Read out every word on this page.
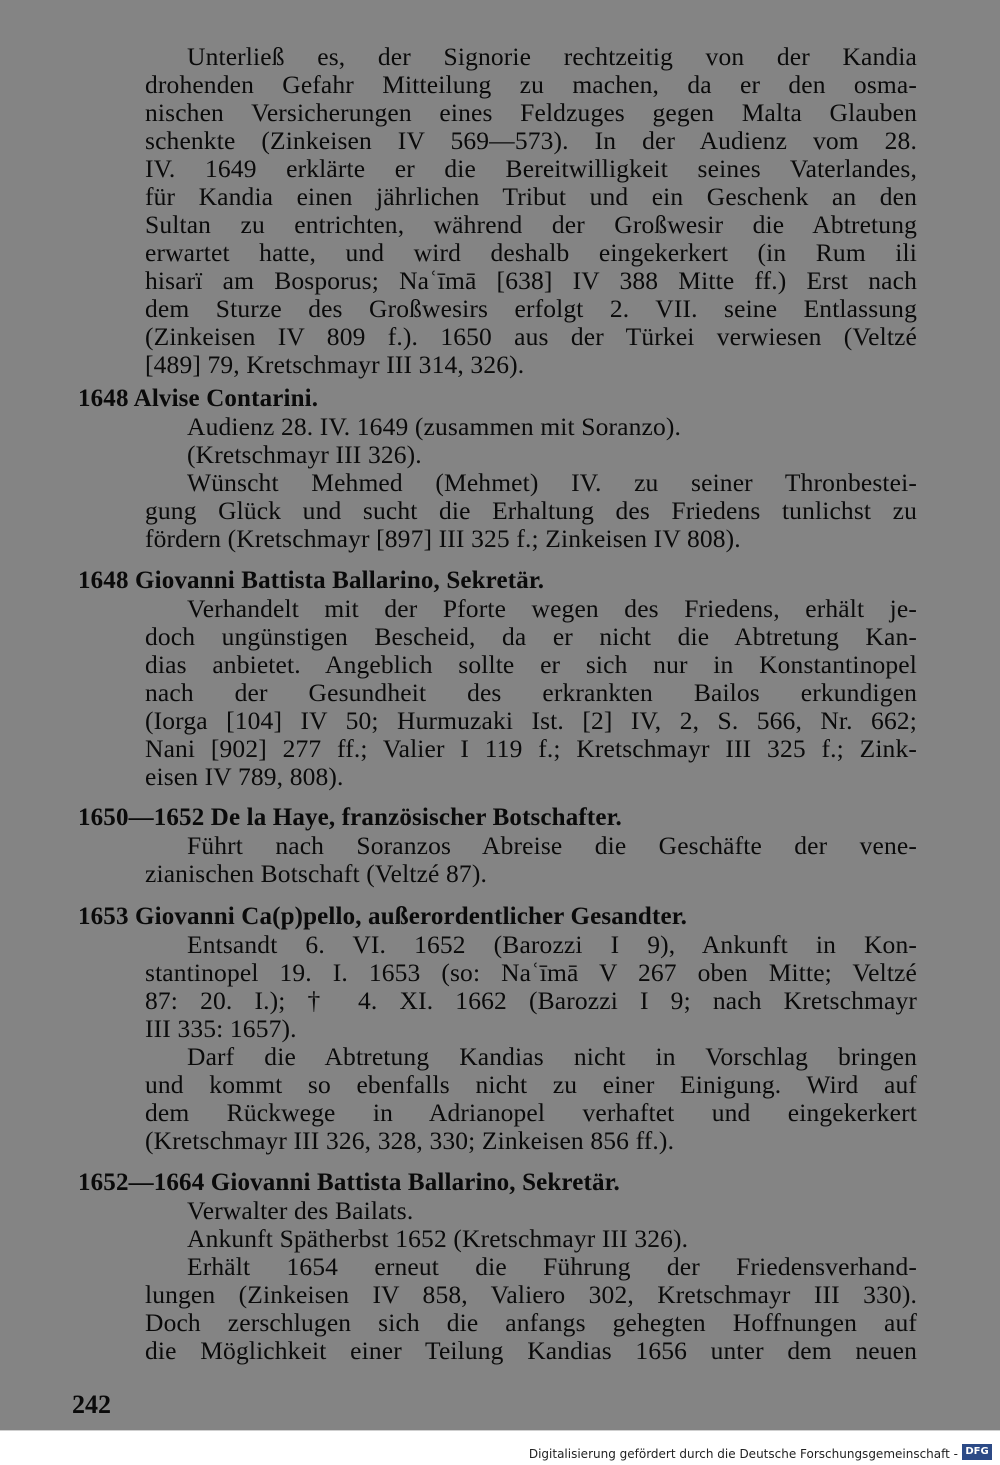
Unterließ es, der Signorie rechtzeitig von der Kandia
drohenden Gefahr Mitteilung zu machen, da er den osma-
nischen Versicherungen eines Feldzuges gegen Malta Glauben
schenkte (Zinkeisen IV 569—573). In der Audienz vom 28.
IV. 1649 erklärte er die Bereitwilligkeit seines Vaterlandes,
für Kandia einen jährlichen Tribut und ein Geschenk an den
Sultan zu entrichten, während der Großwesir die Abtretung
erwartet hatte, und wird deshalb eingekerkert (in Rum ili
hisarï am Bosporus; Naʿīmā [638] IV 388 Mitte ff.) Erst nach
dem Sturze des Großwesirs erfolgt 2. VII. seine Entlassung
(Zinkeisen IV 809 f.). 1650 aus der Türkei verwiesen (Veltzé
[489] 79, Kretschmayr III 314, 326).
1648 Alvise Contarini.
Audienz 28. IV. 1649 (zusammen mit Soranzo).
(Kretschmayr III 326).
Wünscht Mehmed (Mehmet) IV. zu seiner Thronbestei-
gung Glück und sucht die Erhaltung des Friedens tunlichst zu
fördern (Kretschmayr [897] III 325 f.; Zinkeisen IV 808).
1648 Giovanni Battista Ballarino, Sekretär.
Verhandelt mit der Pforte wegen des Friedens, erhält je-
doch ungünstigen Bescheid, da er nicht die Abtretung Kan-
dias anbietet. Angeblich sollte er sich nur in Konstantinopel
nach der Gesundheit des erkrankten Bailos erkundigen
(Iorga [104] IV 50; Hurmuzaki Ist. [2] IV, 2, S. 566, Nr. 662;
Nani [902] 277 ff.; Valier I 119 f.; Kretschmayr III 325 f.; Zink-
eisen IV 789, 808).
1650—1652 De la Haye, französischer Botschafter.
Führt nach Soranzos Abreise die Geschäfte der vene-
zianischen Botschaft (Veltzé 87).
1653 Giovanni Ca(p)pello, außerordentlicher Gesandter.
Entsandt 6. VI. 1652 (Barozzi I 9), Ankunft in Kon-
stantinopel 19. I. 1653 (so: Naʿīmā V 267 oben Mitte; Veltzé
87: 20. I.); † 4. XI. 1662 (Barozzi I 9; nach Kretschmayr
III 335: 1657).
Darf die Abtretung Kandias nicht in Vorschlag bringen
und kommt so ebenfalls nicht zu einer Einigung. Wird auf
dem Rückwege in Adrianopel verhaftet und eingekerkert
(Kretschmayr III 326, 328, 330; Zinkeisen 856 ff.).
1652—1664 Giovanni Battista Ballarino, Sekretär.
Verwalter des Bailats.
Ankunft Spätherbst 1652 (Kretschmayr III 326).
Erhält 1654 erneut die Führung der Friedensverhand-
lungen (Zinkeisen IV 858, Valiero 302, Kretschmayr III 330).
Doch zerschlugen sich die anfangs gehegten Hoffnungen auf
die Möglichkeit einer Teilung Kandias 1656 unter dem neuen
242
Digitalisierung gefördert durch die Deutsche Forschungsgemeinschaft - DFG
